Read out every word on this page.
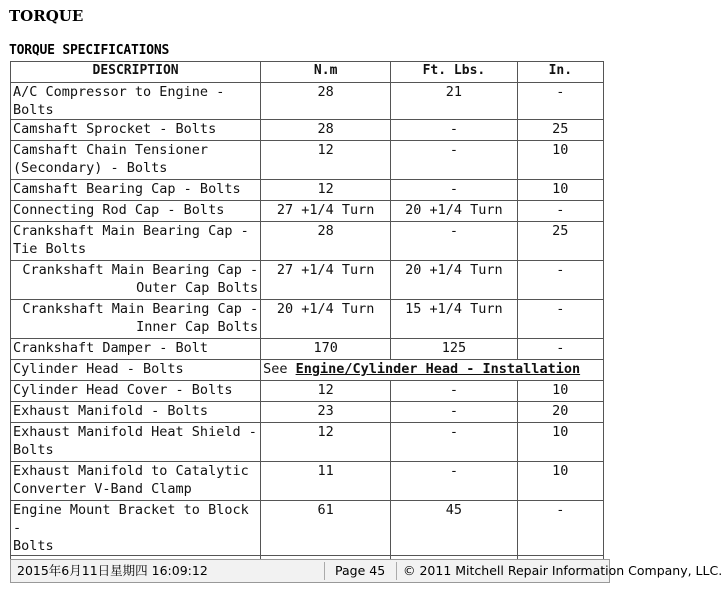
TORQUE
TORQUE SPECIFICATIONS
DESCRIPTION	N.m	Ft. Lbs.	In.
A/C Compressor to Engine - Bolts	28	21	-
Camshaft Sprocket - Bolts	28	-	25
Camshaft Chain Tensioner
(Secondary) - Bolts	12	-	10
Camshaft Bearing Cap - Bolts	12	-	10
Connecting Rod Cap - Bolts	27 +1/4 Turn	20 +1/4 Turn	-
Crankshaft Main Bearing Cap -
Tie Bolts	28	-	25
Crankshaft Main Bearing Cap -
Outer Cap Bolts	27 +1/4 Turn	20 +1/4 Turn	-
Crankshaft Main Bearing Cap -
Inner Cap Bolts	20 +1/4 Turn	15 +1/4 Turn	-
Crankshaft Damper - Bolt	170	125	-
Cylinder Head - Bolts	See Engine/Cylinder Head - Installation		
Cylinder Head Cover - Bolts	12	-	10
Exhaust Manifold - Bolts	23	-	20
Exhaust Manifold Heat Shield -
Bolts	12	-	10
Exhaust Manifold to Catalytic
Converter V-Band Clamp	11	-	10
Engine Mount Bracket to Block -
Bolts	61	45	-

2015年6月11日星期四 16:09:12	Page 45 © 2011 Mitchell Repair Information Company, LLC.
